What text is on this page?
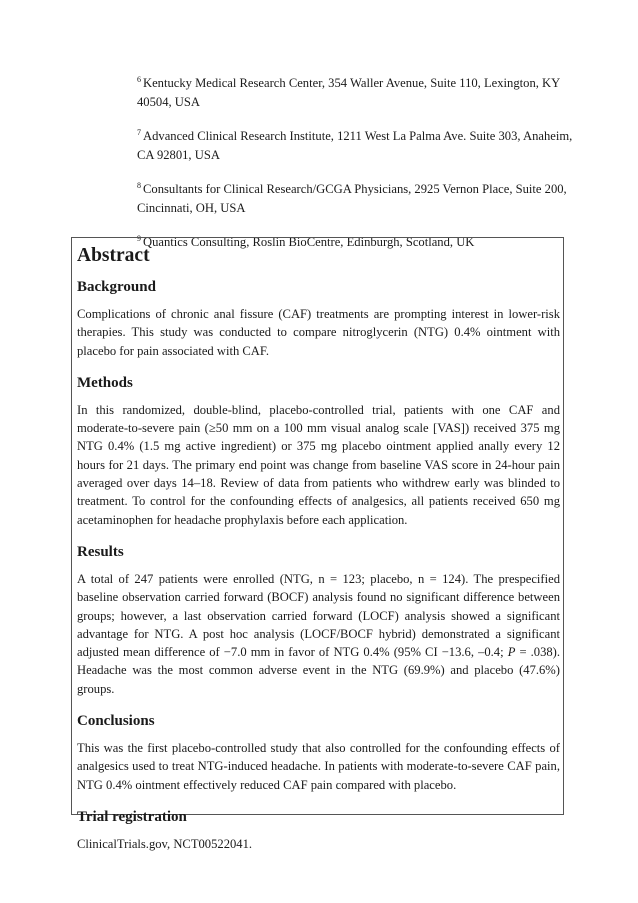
$^6$ Kentucky Medical Research Center, 354 Waller Avenue, Suite 110, Lexington, KY 40504, USA

$^7$ Advanced Clinical Research Institute, 1211 West La Palma Ave. Suite 303, Anaheim, CA 92801, USA

$^8$ Consultants for Clinical Research/GCGA Physicians, 2925 Vernon Place, Suite 200, Cincinnati, OH, USA

$^9$ Quantics Consulting, Roslin BioCentre, Edinburgh, Scotland, UK

Abstract
Background

Complications of chronic anal fissure (CAF) treatments are prompting interest in lower-risk therapies. This study was conducted to compare nitroglycerin (NTG) 0.4% ointment with placebo for pain associated with CAF.

Methods

In this randomized, double-blind, placebo-controlled trial, patients with one CAF and moderate-to-severe pain (≥50 mm on a 100 mm visual analog scale [VAS]) received 375 mg NTG 0.4% (1.5 mg active ingredient) or 375 mg placebo ointment applied anally every 12 hours for 21 days. The primary end point was change from baseline VAS score in 24-hour pain averaged over days 14–18. Review of data from patients who withdrew early was blinded to treatment. To control for the confounding effects of analgesics, all patients received 650 mg acetaminophen for headache prophylaxis before each application.

Results

A total of 247 patients were enrolled (NTG, n = 123; placebo, n = 124). The prespecified baseline observation carried forward (BOCF) analysis found no significant difference between groups; however, a last observation carried forward (LOCF) analysis showed a significant advantage for NTG. A post hoc analysis (LOCF/BOCF hybrid) demonstrated a significant adjusted mean difference of −7.0 mm in favor of NTG 0.4% (95% CI −13.6, –0.4; P = .038). Headache was the most common adverse event in the NTG (69.9%) and placebo (47.6%) groups.

Conclusions

This was the first placebo-controlled study that also controlled for the confounding effects of analgesics used to treat NTG-induced headache. In patients with moderate-to-severe CAF pain, NTG 0.4% ointment effectively reduced CAF pain compared with placebo.

Trial registration

ClinicalTrials.gov, NCT00522041.
